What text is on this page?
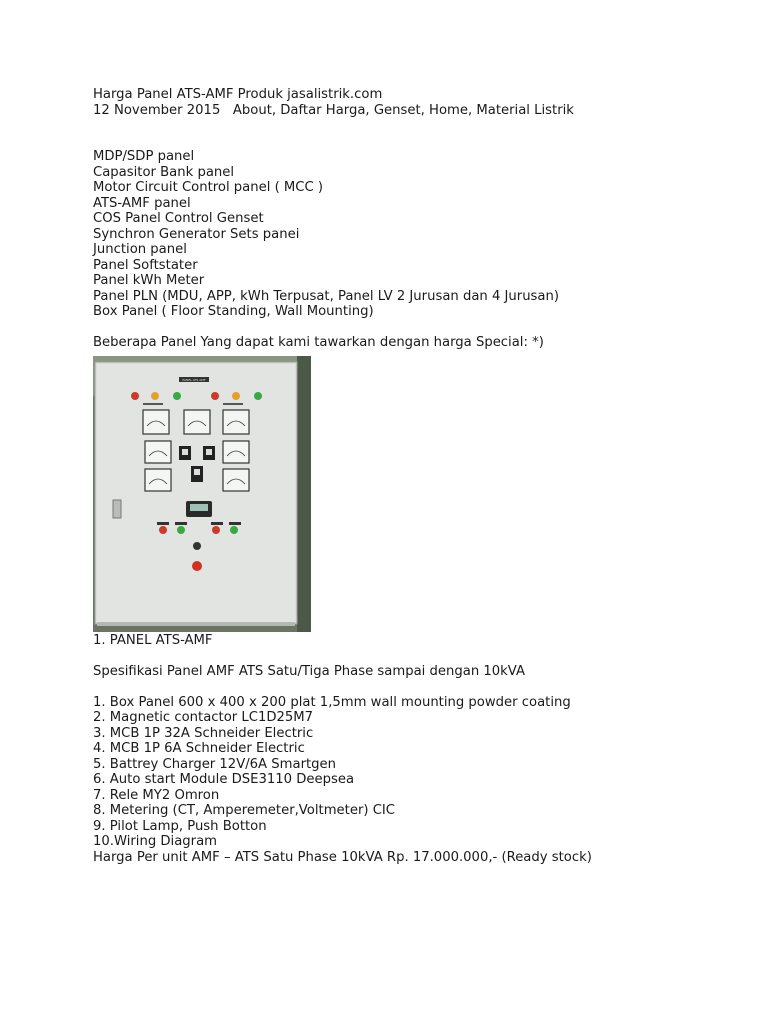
Harga Panel ATS-AMF Produk jasalistrik.com
12 November 2015   About, Daftar Harga, Genset, Home, Material Listrik
MDP/SDP panel
Capasitor Bank panel
Motor Circuit Control panel ( MCC )
ATS-AMF panel
COS Panel Control Genset
Synchron Generator Sets panei
Junction panel
Panel Softstater
Panel kWh Meter
Panel PLN (MDU, APP, kWh Terpusat, Panel LV 2 Jurusan dan 4 Jurusan)
Box Panel ( Floor Standing, Wall Mounting)
Beberapa Panel Yang dapat kami tawarkan dengan harga Special: *)
PANEL ATS AMF
1. PANEL ATS-AMF
Spesifikasi Panel AMF ATS Satu/Tiga Phase sampai dengan 10kVA
1. Box Panel 600 x 400 x 200 plat 1,5mm wall mounting powder coating
2. Magnetic contactor LC1D25M7
3. MCB 1P 32A Schneider Electric
4. MCB 1P 6A Schneider Electric
5. Battrey Charger 12V/6A Smartgen
6. Auto start Module DSE3110 Deepsea
7. Rele MY2 Omron
8. Metering (CT, Amperemeter,Voltmeter) CIC
9. Pilot Lamp, Push Botton
10.Wiring Diagram
Harga Per unit AMF – ATS Satu Phase 10kVA Rp. 17.000.000,- (Ready stock)
